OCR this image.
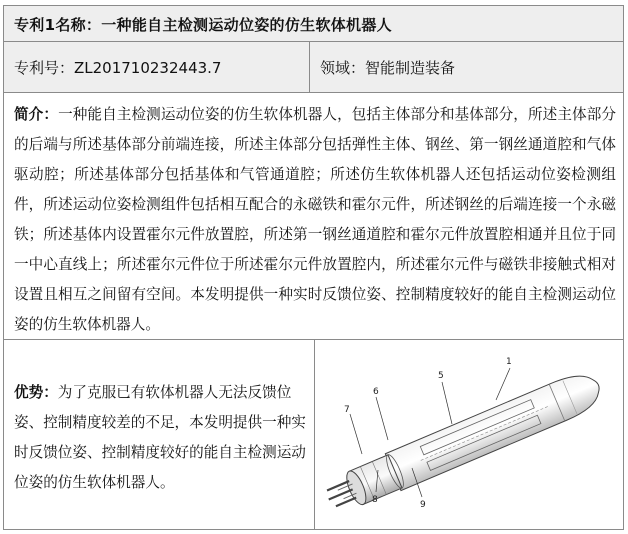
专利1名称：一种能自主检测运动位姿的仿生软体机器人
专利号：ZL201710232443.7	领域：智能制造装备

简介：一种能自主检测运动位姿的仿生软体机器人，包括主体部分和基体部分，所述主体部分的后端与所述基体部分前端连接，所述主体部分包括弹性主体、钢丝、第一钢丝通道腔和气体驱动腔；所述基体部分包括基体和气管通道腔；所述仿生软体机器人还包括运动位姿检测组件，所述运动位姿检测组件包括相互配合的永磁铁和霍尔元件，所述钢丝的后端连接一个永磁铁；所述基体内设置霍尔元件放置腔，所述第一钢丝通道腔和霍尔元件放置腔相通并且位于同一中心直线上；所述霍尔元件位于所述霍尔元件放置腔内，所述霍尔元件与磁铁非接触式相对设置且相互之间留有空间。本发明提供一种实时反馈位姿、控制精度较好的能自主检测运动位姿的仿生软体机器人。

优势：为了克服已有软体机器人无法反馈位姿、控制精度较差的不足，本发明提供一种实时反馈位姿、控制精度较好的能自主检测运动位姿的仿生软体机器人。

1
5
6
7
8	9
